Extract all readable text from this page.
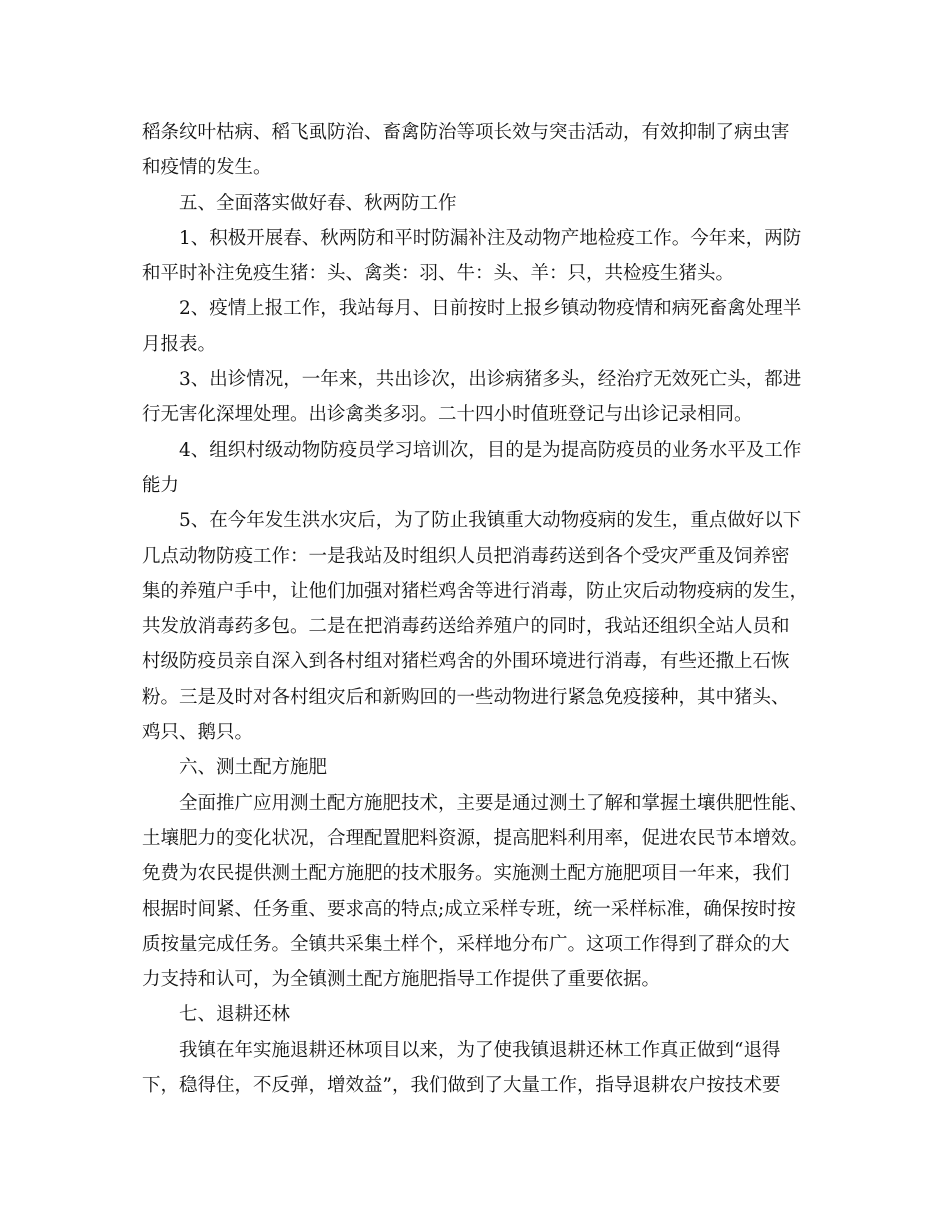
稻条纹叶枯病、稻飞虱防治、畜禽防治等项长效与突击活动，有效抑制了病虫害
和疫情的发生。
五、全面落实做好春、秋两防工作
1、积极开展春、秋两防和平时防漏补注及动物产地检疫工作。今年来，两防
和平时补注免疫生猪：头、禽类：羽、牛：头、羊：只，共检疫生猪头。
2、疫情上报工作，我站每月、日前按时上报乡镇动物疫情和病死畜禽处理半
月报表。
3、出诊情况，一年来，共出诊次，出诊病猪多头，经治疗无效死亡头，都进
行无害化深埋处理。出诊禽类多羽。二十四小时值班登记与出诊记录相同。
4、组织村级动物防疫员学习培训次，目的是为提高防疫员的业务水平及工作
能力
5、在今年发生洪水灾后，为了防止我镇重大动物疫病的发生，重点做好以下
几点动物防疫工作：一是我站及时组织人员把消毒药送到各个受灾严重及饲养密
集的养殖户手中，让他们加强对猪栏鸡舍等进行消毒，防止灾后动物疫病的发生，
共发放消毒药多包。二是在把消毒药送给养殖户的同时，我站还组织全站人员和
村级防疫员亲自深入到各村组对猪栏鸡舍的外围环境进行消毒，有些还撒上石恢
粉。三是及时对各村组灾后和新购回的一些动物进行紧急免疫接种，其中猪头、
鸡只、鹅只。
六、测土配方施肥
全面推广应用测土配方施肥技术，主要是通过测土了解和掌握土壤供肥性能、
土壤肥力的变化状况，合理配置肥料资源，提高肥料利用率，促进农民节本增效。
免费为农民提供测土配方施肥的技术服务。实施测土配方施肥项目一年来，我们
根据时间紧、任务重、要求高的特点;成立采样专班，统一采样标准，确保按时按
质按量完成任务。全镇共采集土样个，采样地分布广。这项工作得到了群众的大
力支持和认可，为全镇测土配方施肥指导工作提供了重要依据。
七、退耕还林
我镇在年实施退耕还林项目以来，为了使我镇退耕还林工作真正做到“退得
下，稳得住，不反弹，增效益”，我们做到了大量工作，指导退耕农户按技术要
